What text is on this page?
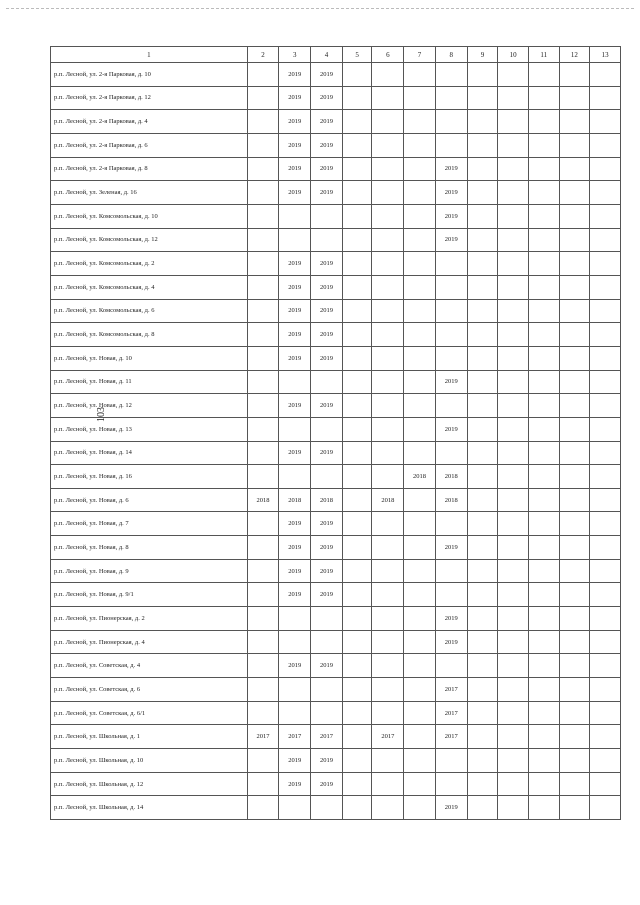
103
1	2	3	4	5	6	7	8	9	10	11	12	13
р.п. Лесной, ул. 2-я Парковая, д. 10		2019	2019									
р.п. Лесной, ул. 2-я Парковая, д. 12		2019	2019									
р.п. Лесной, ул. 2-я Парковая, д. 4		2019	2019									
р.п. Лесной, ул. 2-я Парковая, д. 6		2019	2019									
р.п. Лесной, ул. 2-я Парковая, д. 8		2019	2019				2019					
р.п. Лесной, ул. Зеленая, д. 16		2019	2019				2019					
р.п. Лесной, ул. Комсомольская, д. 10							2019					
р.п. Лесной, ул. Комсомольская, д. 12							2019					
р.п. Лесной, ул. Комсомольская, д. 2		2019	2019									
р.п. Лесной, ул. Комсомольская, д. 4		2019	2019									
р.п. Лесной, ул. Комсомольская, д. 6		2019	2019									
р.п. Лесной, ул. Комсомольская, д. 8		2019	2019									
р.п. Лесной, ул. Новая, д. 10		2019	2019									
р.п. Лесной, ул. Новая, д. 11							2019					
р.п. Лесной, ул. Новая, д. 12		2019	2019									
р.п. Лесной, ул. Новая, д. 13							2019					
р.п. Лесной, ул. Новая, д. 14		2019	2019									
р.п. Лесной, ул. Новая, д. 16						2018	2018					
р.п. Лесной, ул. Новая, д. 6	2018	2018	2018		2018		2018					
р.п. Лесной, ул. Новая, д. 7		2019	2019									
р.п. Лесной, ул. Новая, д. 8		2019	2019				2019					
р.п. Лесной, ул. Новая, д. 9		2019	2019									
р.п. Лесной, ул. Новая, д. 9/1		2019	2019									
р.п. Лесной, ул. Пионерская, д. 2							2019					
р.п. Лесной, ул. Пионерская, д. 4							2019					
р.п. Лесной, ул. Советская, д. 4		2019	2019									
р.п. Лесной, ул. Советская, д. 6							2017					
р.п. Лесной, ул. Советская, д. 6/1							2017					
р.п. Лесной, ул. Школьная, д. 1	2017	2017	2017		2017		2017					
р.п. Лесной, ул. Школьная, д. 10		2019	2019									
р.п. Лесной, ул. Школьная, д. 12		2019	2019									
р.п. Лесной, ул. Школьная, д. 14							2019					
